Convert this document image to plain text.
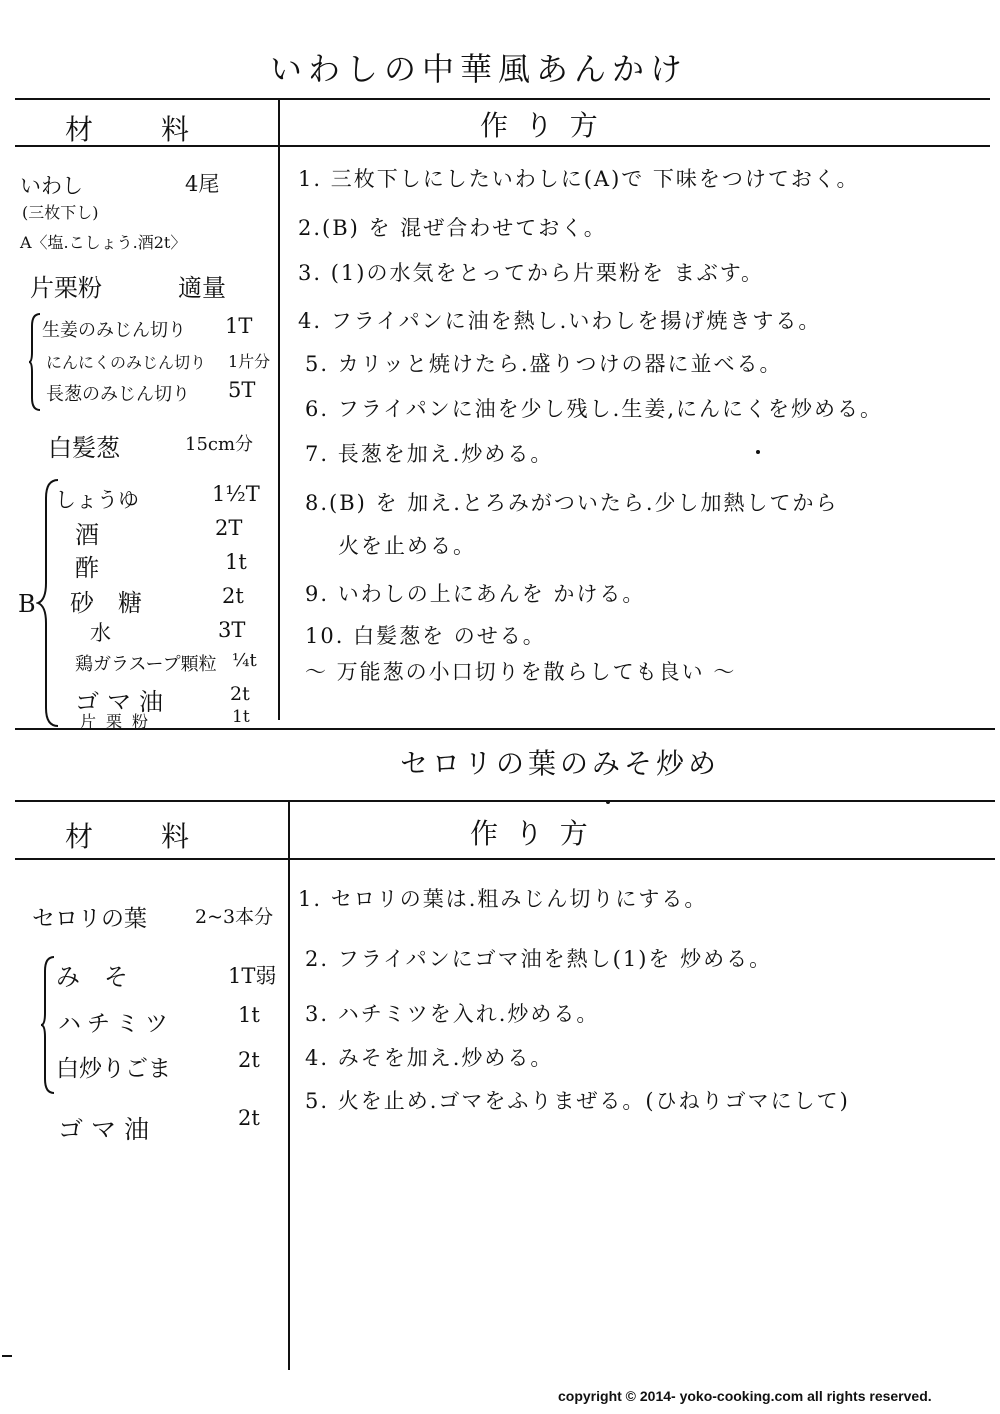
いわしの中華風あんかけ
材　　料	作 り 方
いわし	4尾
(三枚下し)
A〈塩.こしょう.酒2t〉
片栗粉	適量
生姜のみじん切り 1T
にんにくのみじん切り 1片分
長葱のみじん切り 5T
白髪葱	15cm分
B
しょうゆ	1½T
酒	2T
酢	1t
砂　糖	2t
水	3T
鶏ガラスープ顆粒 ¼t
ゴマ油	2t
片栗粉	1t
1. 三枚下しにしたいわしに(A)で 下味をつけておく。
2.(B) を 混ぜ合わせておく。
3. (1)の水気をとってから片栗粉を まぶす。
4. フライパンに油を熱し.いわしを揚げ焼きする。
5. カリッと焼けたら.盛りつけの器に並べる。
6. フライパンに油を少し残し.生姜,にんにくを炒める。
7. 長葱を加え.炒める。
8.(B) を 加え.とろみがついたら.少し加熱してから
火を止める。
9. いわしの上にあんを かける。
10. 白髪葱を のせる。
〜 万能葱の小口切りを散らしても良い 〜
セロリの葉のみそ炒め
材　　料	作 り 方
セロリの葉	2~3本分
み　そ	1T弱
ハチミツ	1t
白炒りごま	2t
ゴマ油	2t
1. セロリの葉は.粗みじん切りにする。
2. フライパンにゴマ油を熱し(1)を 炒める。
3. ハチミツを入れ.炒める。
4. みそを加え.炒める。
5. 火を止め.ゴマをふりまぜる。(ひねりゴマにして)
copyright © 2014- yoko-cooking.com all rights reserved.
